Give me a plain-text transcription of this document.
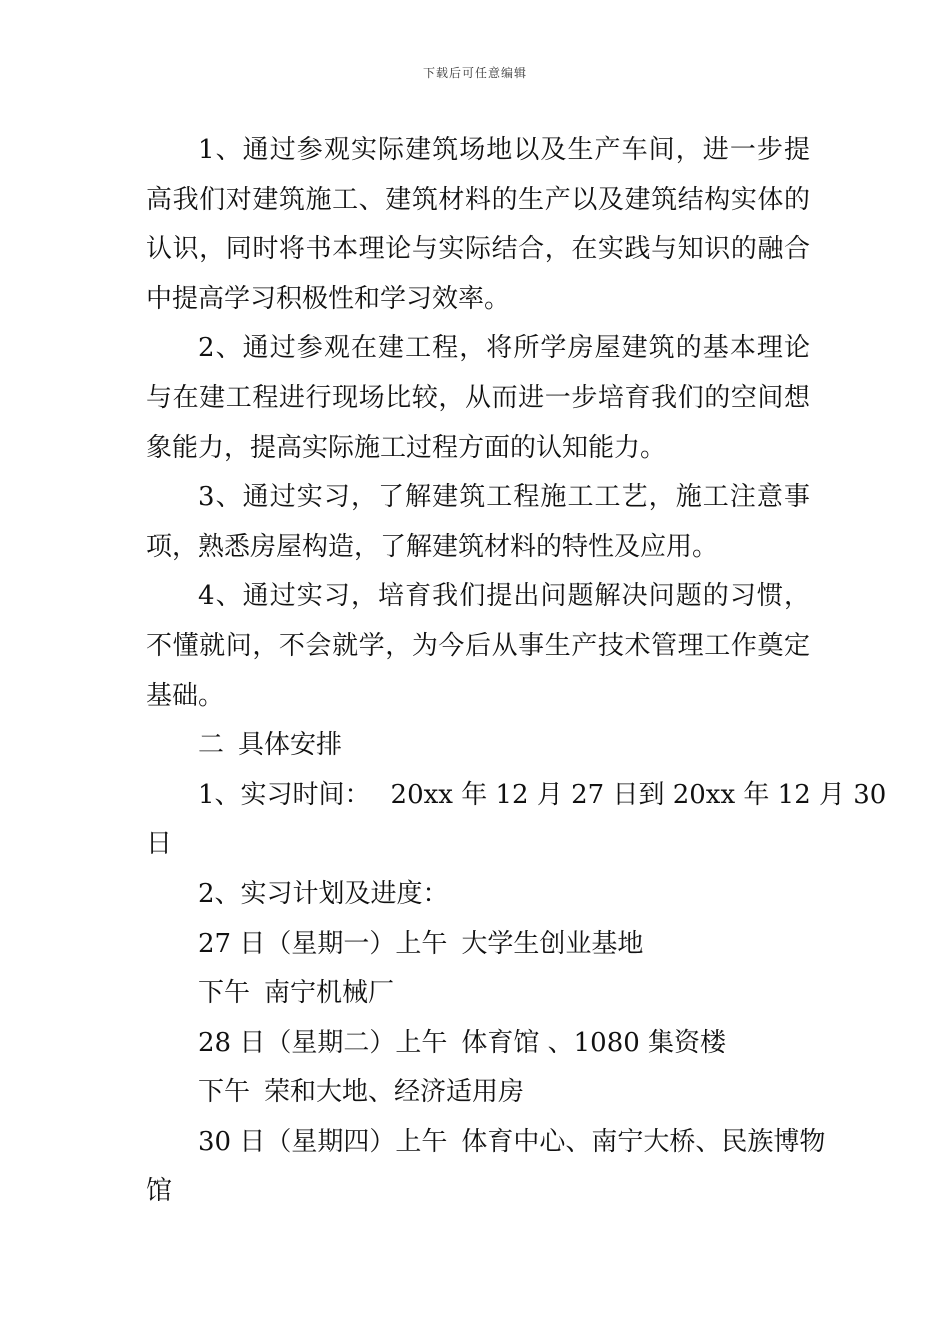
下载后可任意编辑

1、通过参观实际建筑场地以及生产车间，进一步提高我们对建筑施工、建筑材料的生产以及建筑结构实体的认识，同时将书本理论与实际结合，在实践与知识的融合中提高学习积极性和学习效率。

2、通过参观在建工程，将所学房屋建筑的基本理论与在建工程进行现场比较，从而进一步培育我们的空间想象能力，提高实际施工过程方面的认知能力。

3、通过实习，了解建筑工程施工工艺，施工注意事项，熟悉房屋构造，了解建筑材料的特性及应用。

4、通过实习，培育我们提出问题解决问题的习惯，不懂就问，不会就学，为今后从事生产技术管理工作奠定基础。

二 具体安排

1、实习时间： 20xx 年 12 月 27 日到 20xx 年 12 月 30

日

2、实习计划及进度：

27 日（星期一）上午 大学生创业基地

下午 南宁机械厂

28 日（星期二）上午 体育馆 、1080 集资楼

下午 荣和大地、经济适用房

30 日（星期四）上午 体育中心、南宁大桥、民族博物

馆
